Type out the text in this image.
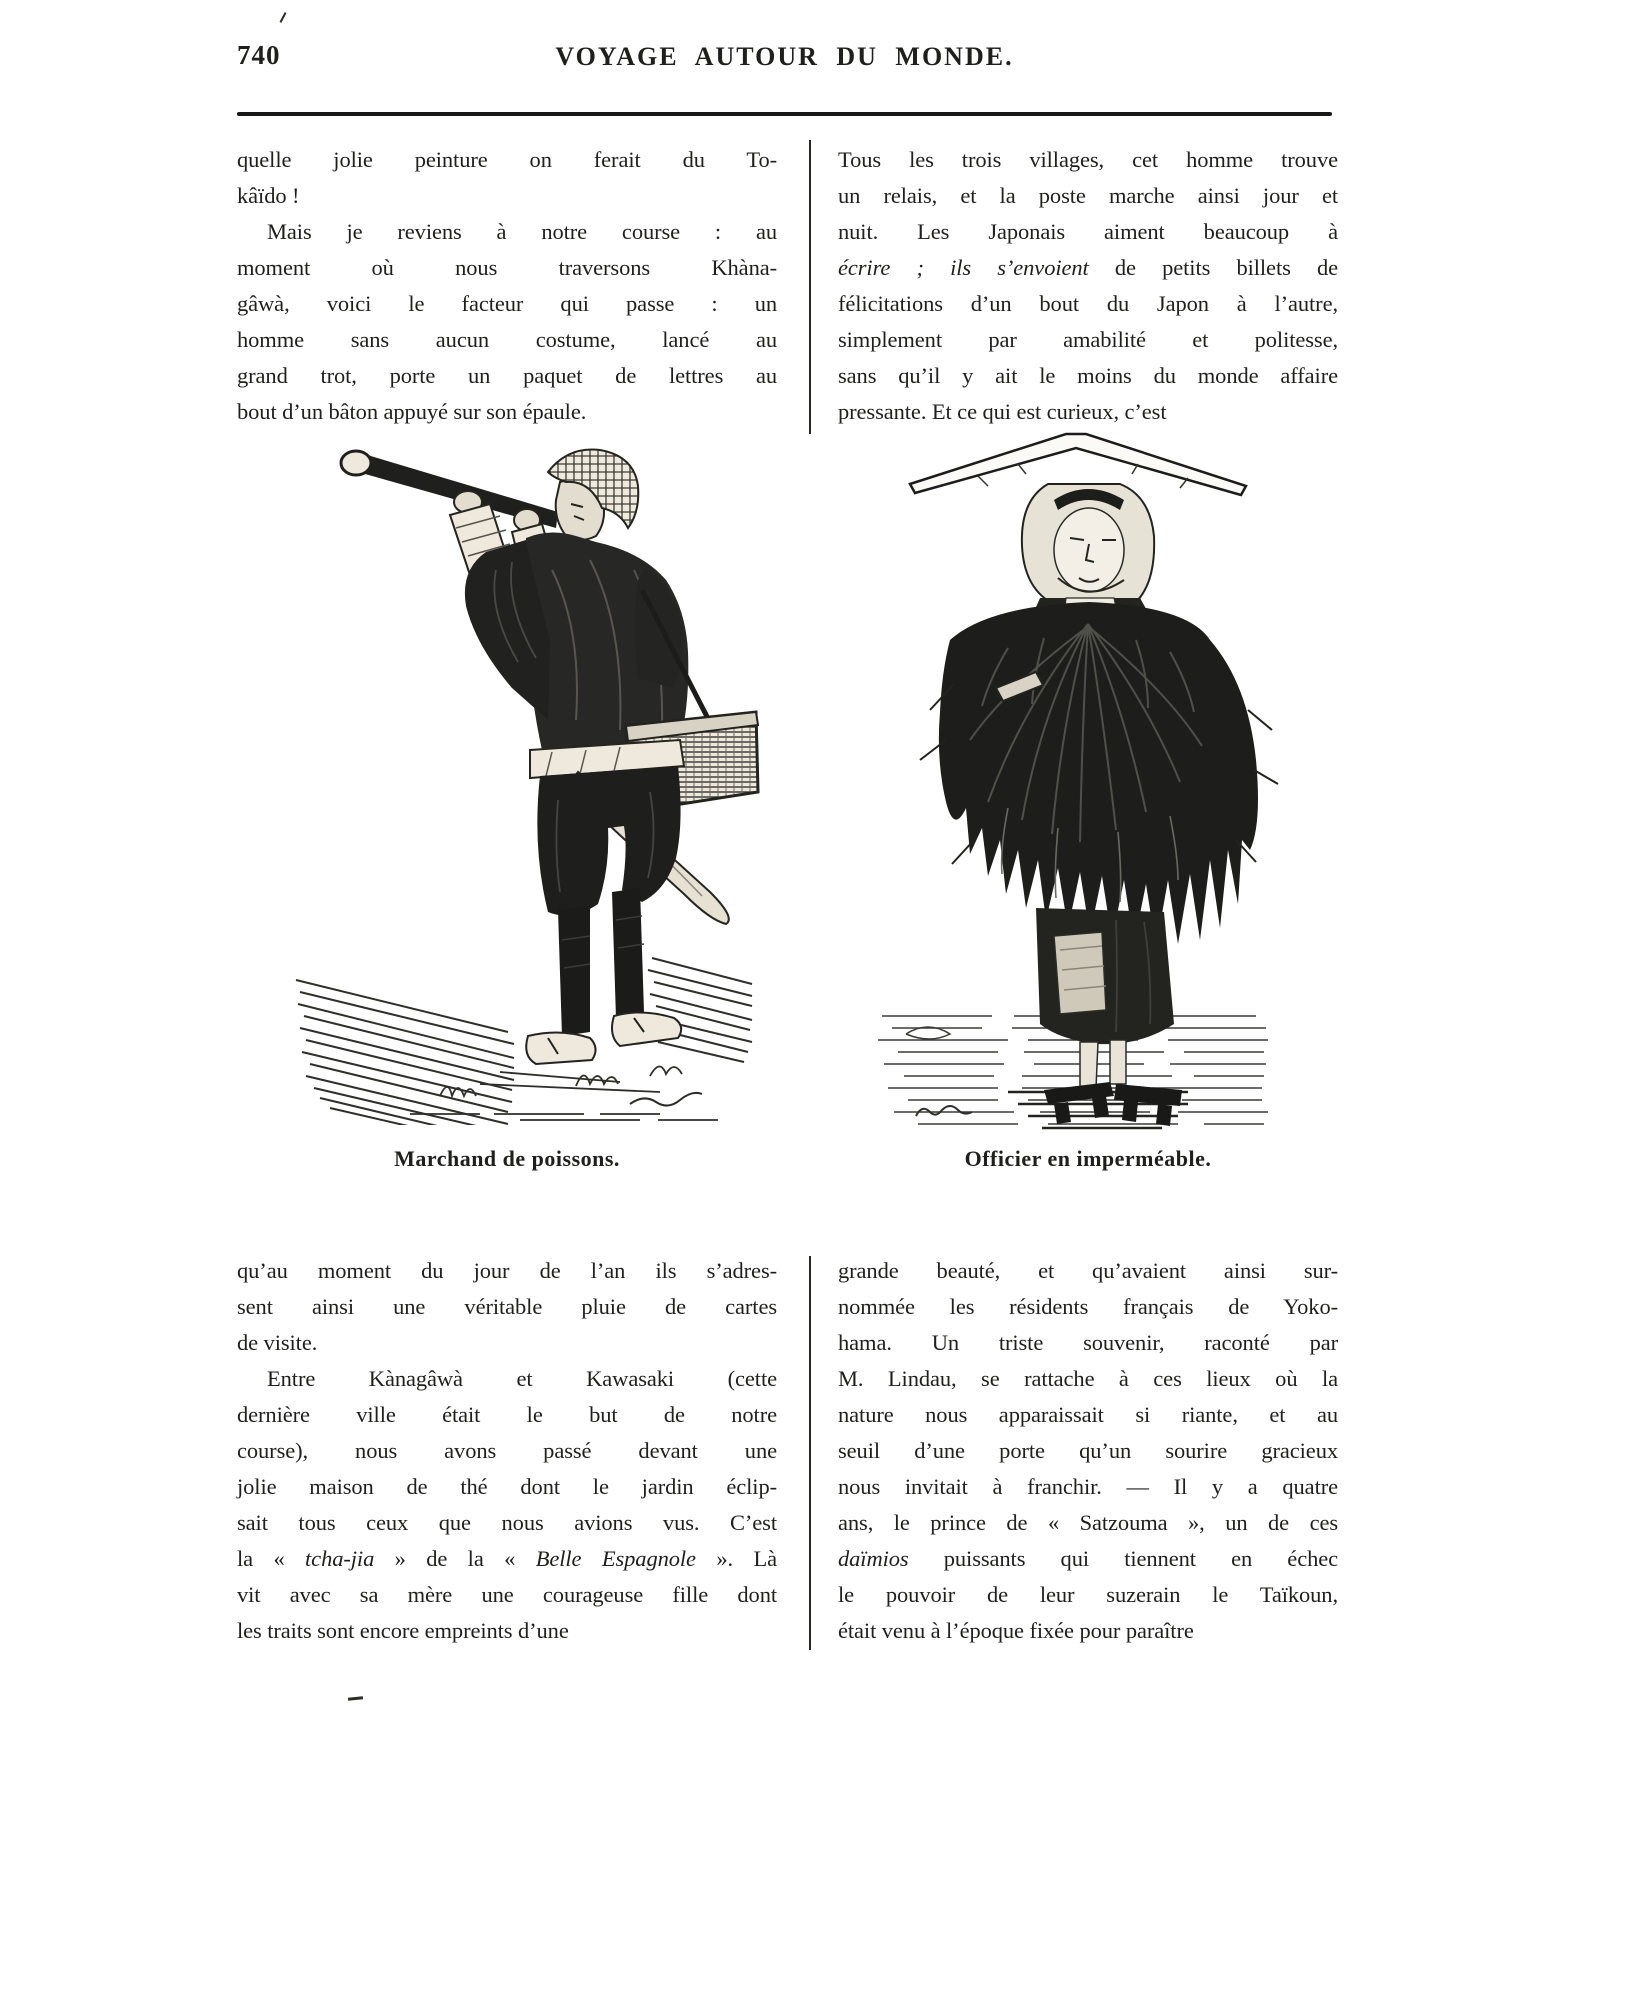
740	VOYAGE AUTOUR DU MONDE.
quelle jolie peinture on ferait du To-
kâïdo !
Mais je reviens à notre course : au
moment où nous traversons Khàna-
gâwà, voici le facteur qui passe : un
homme sans aucun costume, lancé au
grand trot, porte un paquet de lettres au
bout d’un bâton appuyé sur son épaule.
Tous les trois villages, cet homme trouve
un relais, et la poste marche ainsi jour et
nuit. Les Japonais aiment beaucoup à
écrire ; ils s’envoient de petits billets de
félicitations d’un bout du Japon à l’autre,
simplement par amabilité et politesse,
sans qu’il y ait le moins du monde affaire
pressante. Et ce qui est curieux, c’est
Marchand de poissons.	Officier en imperméable.
qu’au moment du jour de l’an ils s’adres-
sent ainsi une véritable pluie de cartes
de visite.
Entre Kànagâwà et Kawasaki (cette
dernière ville était le but de notre
course), nous avons passé devant une
jolie maison de thé dont le jardin éclip-
sait tous ceux que nous avions vus. C’est
la « tcha-jia » de la « Belle Espagnole ». Là
vit avec sa mère une courageuse fille dont
les traits sont encore empreints d’une
grande beauté, et qu’avaient ainsi sur-
nommée les résidents français de Yoko-
hama. Un triste souvenir, raconté par
M. Lindau, se rattache à ces lieux où la
nature nous apparaissait si riante, et au
seuil d’une porte qu’un sourire gracieux
nous invitait à franchir. — Il y a quatre
ans, le prince de « Satzouma », un de ces
daïmios puissants qui tiennent en échec
le pouvoir de leur suzerain le Taïkoun,
était venu à l’époque fixée pour paraître
